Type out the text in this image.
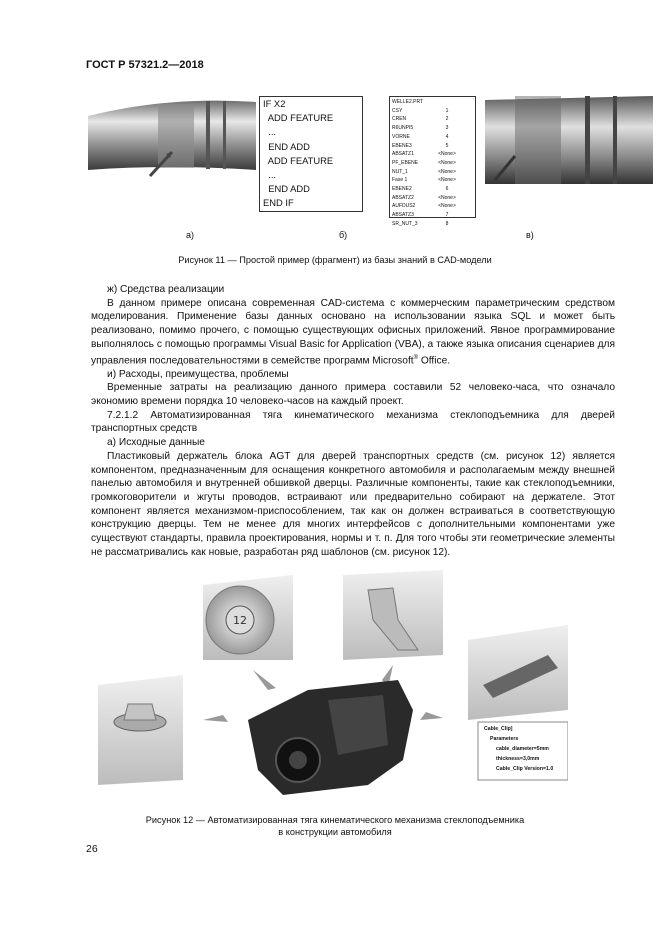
ГОСТ Р 57321.2—2018
IF X2
ADD FEATURE
...
END ADD
ADD FEATURE
...
END ADD
END IF
WELLE2.PRT
CSY	1
CREN	2
R6UNPI5	3
VORNE	4
EBENE3	5
ABSATZ1	<None>
PF_EBENE	<None>
NUT_1	<None>
Fase 1	<None>
EBENE2	6
ABSATZ2	<None>
AUFDUS2	<None>
ABSATZ3	7
SR_NUT_3	8
а)	б)	в)
Рисунок 11 — Простой пример (фрагмент) из базы знаний в CAD-модели

ж) Средства реализации

В данном примере описана современная CAD-система с коммерческим параметрическим средством моделирования. Применение базы данных основано на использовании языка SQL и может быть реализовано, помимо прочего, с помощью существующих офисных приложений. Явное программирование выполнялось с помощью программы Visual Basic for Application (VBA), а также языка описания сценариев для управления последовательностями в семействе программ Microsoft® Office.

и) Расходы, преимущества, проблемы

Временные затраты на реализацию данного примера составили 52 человеко-часа, что означало экономию времени порядка 10 человеко-часов на каждый проект.

7.2.1.2 Автоматизированная тяга кинематического механизма стеклоподъемника для дверей транспортных средств

а) Исходные данные

Пластиковый держатель блока AGT для дверей транспортных средств (см. рисунок 12) является компонентом, предназначенным для оснащения конкретного автомобиля и располагаемым между внешней панелью автомобиля и внутренней обшивкой дверцы. Различные компоненты, такие как стеклоподъемники, громкоговорители и жгуты проводов, встраивают или предварительно собирают на держателе. Этот компонент является механизмом-приспособлением, так как он должен встраиваться в соответствующую конструкцию дверцы. Тем не менее для многих интерфейсов с дополнительными компонентами уже существуют стандарты, правила проектирования, нормы и т. п. Для того чтобы эти геометрические элементы не рассматривались как новые, разработан ряд шаблонов (см. рисунок 12).

12
Cable_Clip]
Parameters
cable_diameter=5mm
thickness=3,0mm
Cable_Clip Version=1.0
Рисунок 12 — Автоматизированная тяга кинематического механизма стеклоподъемника
в конструкции автомобиля
26
